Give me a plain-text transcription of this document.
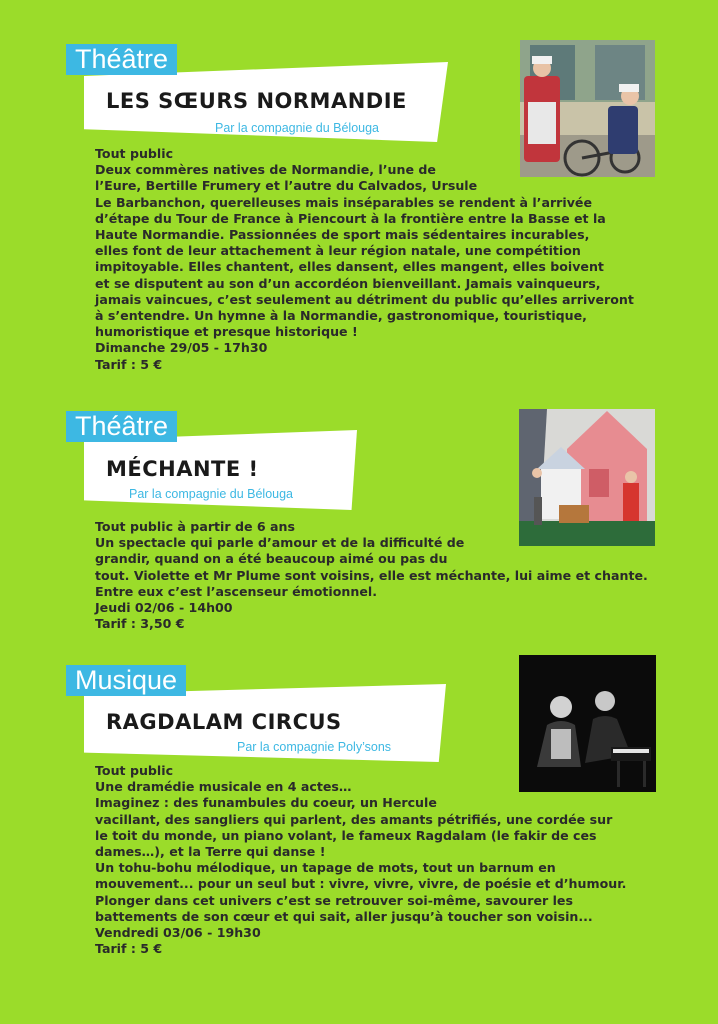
Théâtre
LES SŒURS NORMANDIE
Par la compagnie du Bélouga
Tout public
Deux commères natives de Normandie, l’une de
l’Eure, Bertille Frumery et l’autre du Calvados, Ursule
Le Barbanchon, querelleuses mais inséparables se rendent à l’arrivée
d’étape du Tour de France à Piencourt à la frontière entre la Basse et la
Haute Normandie. Passionnées de sport mais sédentaires incurables,
elles font de leur attachement à leur région natale, une compétition
impitoyable. Elles chantent, elles dansent, elles mangent, elles boivent
et se disputent au son d’un accordéon bienveillant. Jamais vainqueurs,
jamais vaincues, c’est seulement au détriment du public qu’elles arriveront
à s’entendre. Un hymne à la Normandie, gastronomique, touristique,
humoristique et presque historique !
Dimanche 29/05 - 17h30
Tarif : 5 €
Théâtre
MÉCHANTE !
Par la compagnie du Bélouga
Tout public à partir de 6 ans
Un spectacle qui parle d’amour et de la difficulté de
grandir, quand on a été beaucoup aimé ou pas du
tout. Violette et Mr Plume sont voisins, elle est méchante, lui aime et chante.
Entre eux c’est l’ascenseur émotionnel.
Jeudi 02/06 - 14h00
Tarif : 3,50 €
Musique
RAGDALAM CIRCUS
Par la compagnie Poly’sons
Tout public
Une dramédie musicale en 4 actes…
Imaginez : des funambules du coeur, un Hercule
vacillant, des sangliers qui parlent, des amants pétrifiés, une cordée sur
le toit du monde, un piano volant, le fameux Ragdalam (le fakir de ces
dames…), et la Terre qui danse !
Un tohu-bohu mélodique, un tapage de mots, tout un barnum en
mouvement... pour un seul but : vivre, vivre, vivre, de poésie et d’humour.
Plonger dans cet univers c’est se retrouver soi-même, savourer les
battements de son cœur et qui sait, aller jusqu’à toucher son voisin...
Vendredi 03/06 - 19h30
Tarif : 5 €
